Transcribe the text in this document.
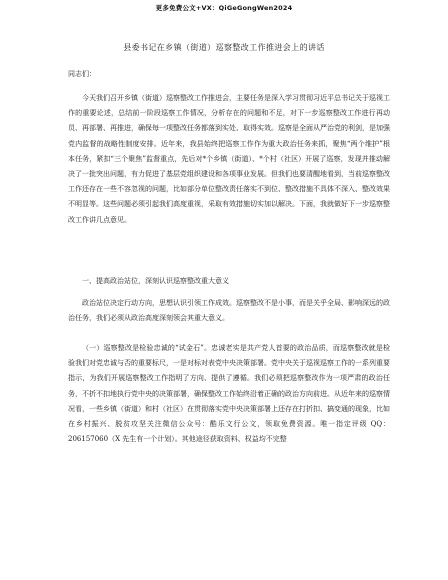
更多免费公文+VX：QiGeGongWen2024
县委书记在乡镇（街道）巡察整改工作推进会上的讲话

同志们：

今天我们召开乡镇（街道）巡察整改工作推进会，主要任务是深入学习贯彻习近平总书记关于巡视工作的重要论述，总结前一阶段巡察工作情况，分析存在的问题和不足，对下一步巡察整改工作进行再动员、再部署、再推进，确保每一项整改任务都落到实处、取得实效。巡察是全面从严治党的利剑，是加强党内监督的战略性制度安排。近年来，我县始终把巡察工作作为重大政治任务来抓，聚焦“两个维护”根本任务，紧扣“三个聚焦”监督重点，先后对*个乡镇（街道）、*个村（社区）开展了巡察，发现并推动解决了一批突出问题，有力促进了基层党组织建设和各项事业发展。但我们也要清醒地看到，当前巡察整改工作还存在一些不容忽视的问题，比如部分单位整改责任落实不到位、整改措施不具体不深入、整改效果不明显等。这些问题必须引起我们高度重视，采取有效措施切实加以解决。下面，我就做好下一步巡察整改工作讲几点意见。

一、提高政治站位，深刻认识巡察整改重大意义

政治站位决定行动方向，思想认识引领工作成效。巡察整改不是小事，而是关乎全局、影响深远的政治任务，我们必须从政治高度深刻领会其重大意义。

（一）巡察整改是检验忠诚的“试金石”。忠诚老实是共产党人首要的政治品质，而巡察整改就是检验我们对党忠诚与否的重要标尺，一是对标对表党中央决策部署。党中央关于巡视巡察工作的一系列重要指示，为我们开展巡察整改工作指明了方向、提供了遵循。我们必须把巡察整改作为一项严肃的政治任务，不折不扣地执行党中央的决策部署，确保整改工作始终沿着正确的政治方向前进。从近年来的巡察情况看，一些乡镇（街道）和村（社区）在贯彻落实党中央决策部署上还存在打折扣、搞变通的现象，比如在乡村振兴、脱贫攻坚关注微信公众号：酷乐文行公文，领取免费资源。唯一指定评级 QQ：206157060（X 先生有一个计划）。其他途径获取资料、权益均不完整
